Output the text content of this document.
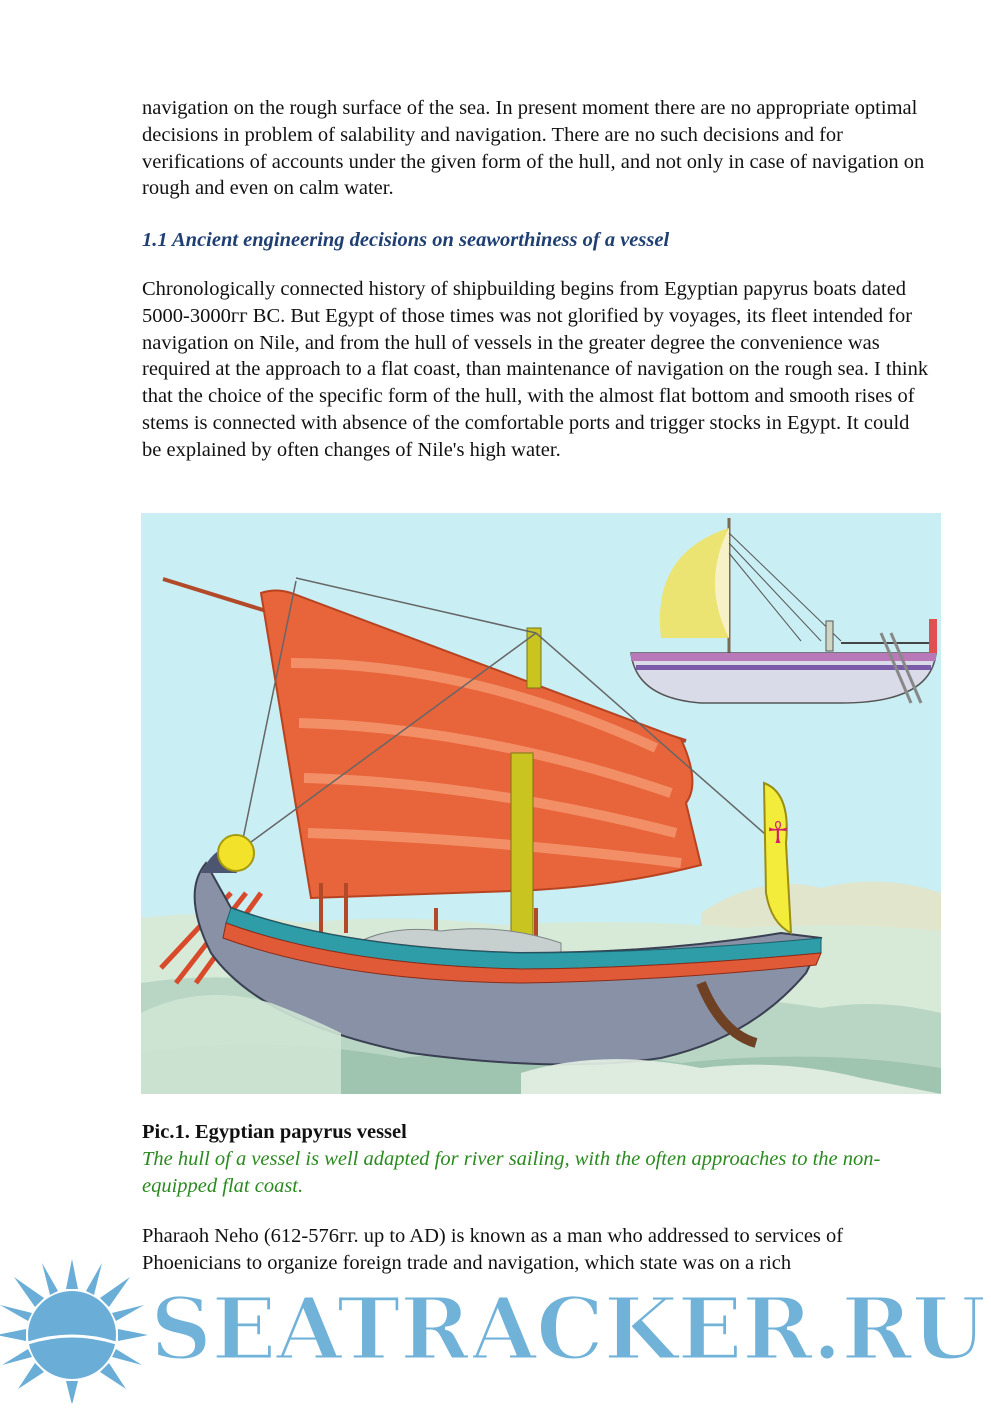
navigation on the rough surface of the sea. In present moment there are no appropriate optimal decisions in problem of salability and navigation. There are no such decisions and for verifications of accounts under the given form of the hull, and not only in case of navigation on rough and even on calm water.

1.1 Ancient engineering decisions on seaworthiness of a vessel

Chronologically connected history of shipbuilding begins from Egyptian papyrus boats dated 5000-3000гг BC. But Egypt of those times was not glorified by voyages, its fleet intended for navigation on Nile, and from the hull of vessels in the greater degree the convenience was required at the approach to a flat coast, than maintenance of navigation on the rough sea. I think that the choice of the specific form of the hull, with the almost flat bottom and smooth rises of stems is connected with absence of the comfortable ports and trigger stocks in Egypt. It could be explained by often changes of Nile's high water.

☥

Pic.1. Egyptian papyrus vessel

The hull of a vessel is well adapted for river sailing, with the often approaches to the non-equipped flat coast.

Pharaoh Neho (612-576гг. up to AD) is known as a man who addressed to services of Phoenicians to organize foreign trade and navigation, which state was on a rich

SEATRACKER.RU
